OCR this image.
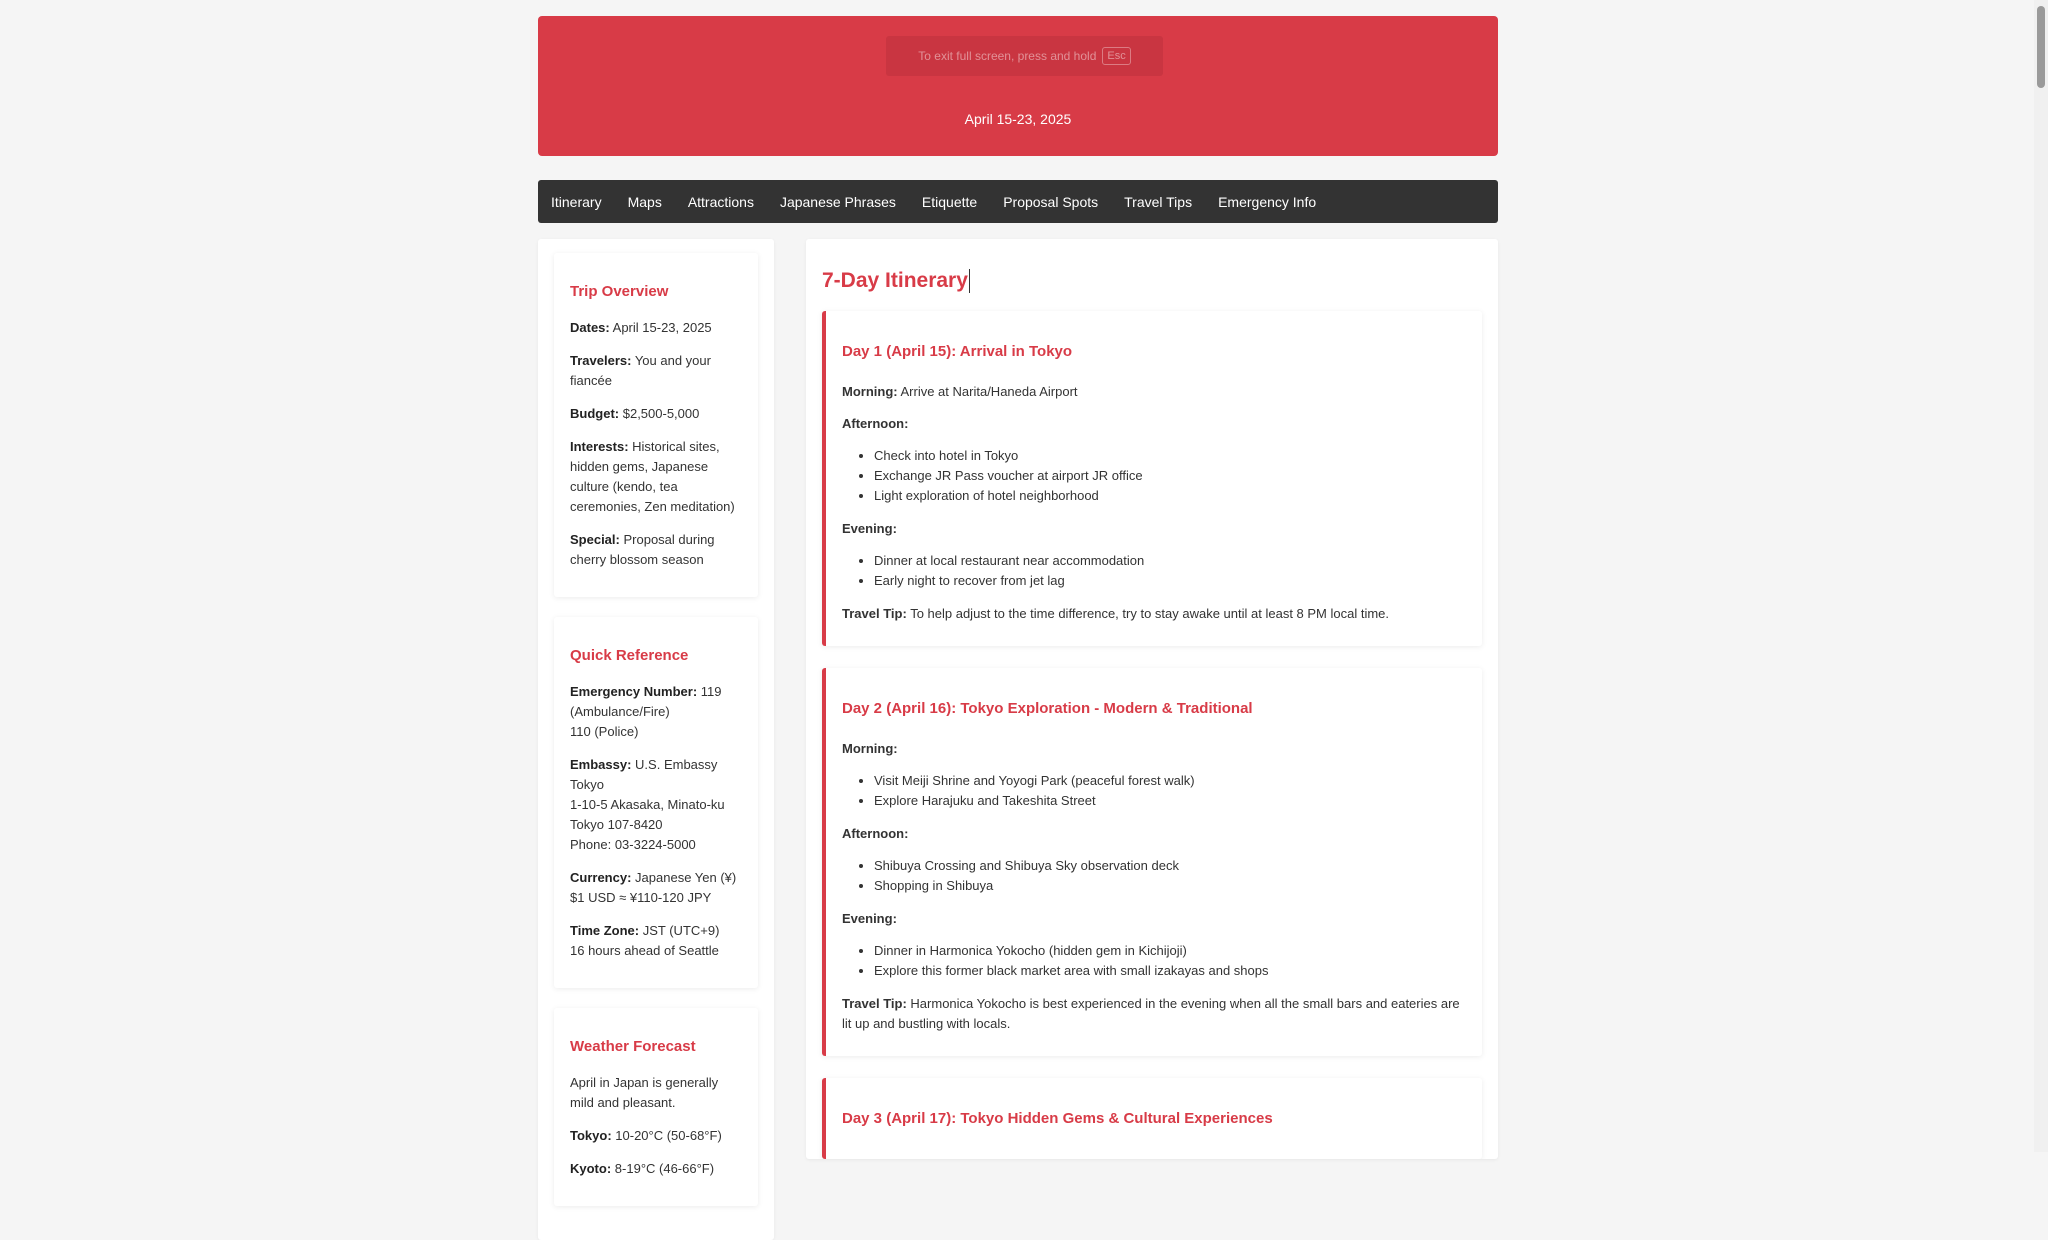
To exit full screen, press and hold	Esc
April 15-23, 2025
Itinerary Maps Attractions Japanese Phrases Etiquette Proposal Spots Travel Tips Emergency Info
Trip Overview

Dates: April 15-23, 2025

Travelers: You and your fiancée

Budget: $2,500-5,000

Interests: Historical sites, hidden gems, Japanese culture (kendo, tea ceremonies, Zen meditation)

Special: Proposal during cherry blossom season

Quick Reference

Emergency Number: 119 (Ambulance/Fire)
110 (Police)

Embassy: U.S. Embassy Tokyo
1-10-5 Akasaka, Minato-ku
Tokyo 107-8420
Phone: 03-3224-5000

Currency: Japanese Yen (¥)
$1 USD ≈ ¥110-120 JPY

Time Zone: JST (UTC+9)
16 hours ahead of Seattle

Weather Forecast

April in Japan is generally mild and pleasant.

Tokyo: 10-20°C (50-68°F)

Kyoto: 8-19°C (46-66°F)

7-Day Itinerary
Day 1 (April 15): Arrival in Tokyo

Morning: Arrive at Narita/Haneda Airport

Afternoon:

• Check into hotel in Tokyo
• Exchange JR Pass voucher at airport JR office
• Light exploration of hotel neighborhood

Evening:

• Dinner at local restaurant near accommodation
• Early night to recover from jet lag

Travel Tip: To help adjust to the time difference, try to stay awake until at least 8 PM local time.

Day 2 (April 16): Tokyo Exploration - Modern & Traditional

Morning:

• Visit Meiji Shrine and Yoyogi Park (peaceful forest walk)
• Explore Harajuku and Takeshita Street

Afternoon:

• Shibuya Crossing and Shibuya Sky observation deck
• Shopping in Shibuya

Evening:

• Dinner in Harmonica Yokocho (hidden gem in Kichijoji)
• Explore this former black market area with small izakayas and shops

Travel Tip: Harmonica Yokocho is best experienced in the evening when all the small bars and eateries are lit up and bustling with locals.

Day 3 (April 17): Tokyo Hidden Gems & Cultural Experiences
